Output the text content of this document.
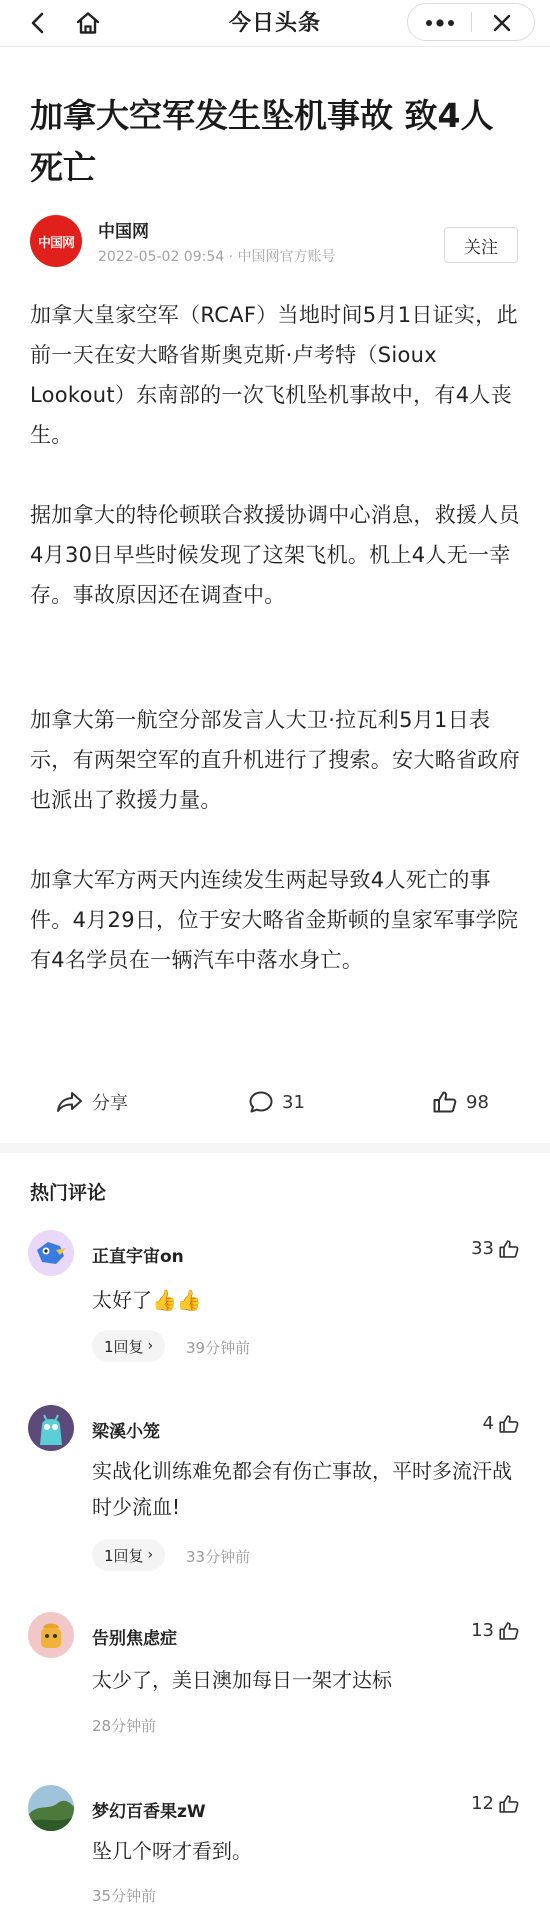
今日头条
加拿大空军发生坠机事故 致4人死亡
中国网
中国网
2022-05-02 09:54 · 中国网官方账号	关注

加拿大皇家空军（RCAF）当地时间5月1日证实，此前一天在安大略省斯奥克斯·卢考特（Sioux Lookout）东南部的一次飞机坠机事故中，有4人丧生。

据加拿大的特伦顿联合救援协调中心消息，救援人员4月30日早些时候发现了这架飞机。机上4人无一幸存。事故原因还在调查中。

加拿大第一航空分部发言人大卫·拉瓦利5月1日表示，有两架空军的直升机进行了搜索。安大略省政府也派出了救援力量。

加拿大军方两天内连续发生两起导致4人死亡的事件。4月29日，位于安大略省金斯顿的皇家军事学院有4名学员在一辆汽车中落水身亡。

分享	31	98
热门评论
正直宇宙on	33

太好了👍👍

1回复 › 39分钟前
梁溪小笼	4

实战化训练难免都会有伤亡事故，平时多流汗战时少流血!

1回复 › 33分钟前
告别焦虑症	13

太少了，美日澳加每日一架才达标

28分钟前
梦幻百香果zW	12

坠几个呀才看到。

35分钟前
